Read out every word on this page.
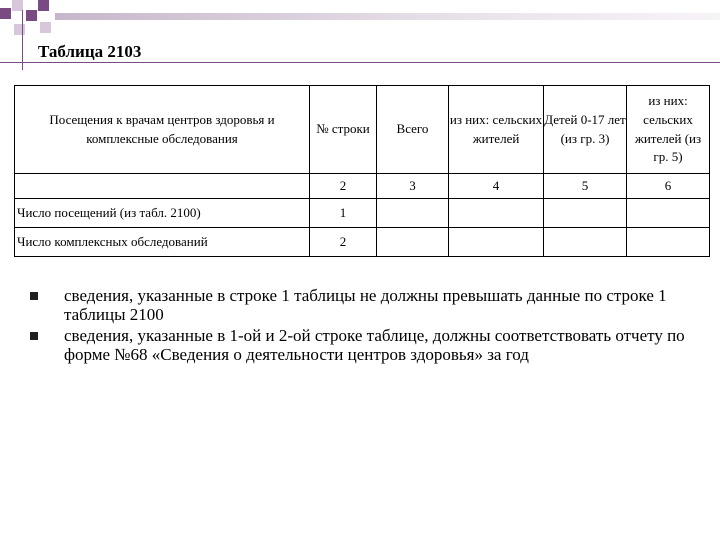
Таблица 2103
Посещения к врачам центров здоровья и комплексные обследования	№ строки	Всего	из них: сельских жителей	Детей 0-17 лет (из гр. 3)	из них: сельских жителей (из гр. 5)
	2	3	4	5	6
Число посещений (из табл. 2100)	1				
Число комплексных обследований	2				
сведения, указанные в строке 1 таблицы не должны превышать данные по строке 1 таблицы 2100
сведения, указанные в 1-ой и 2-ой строке таблице, должны соответствовать отчету по форме №68 «Сведения о деятельности центров здоровья» за год
